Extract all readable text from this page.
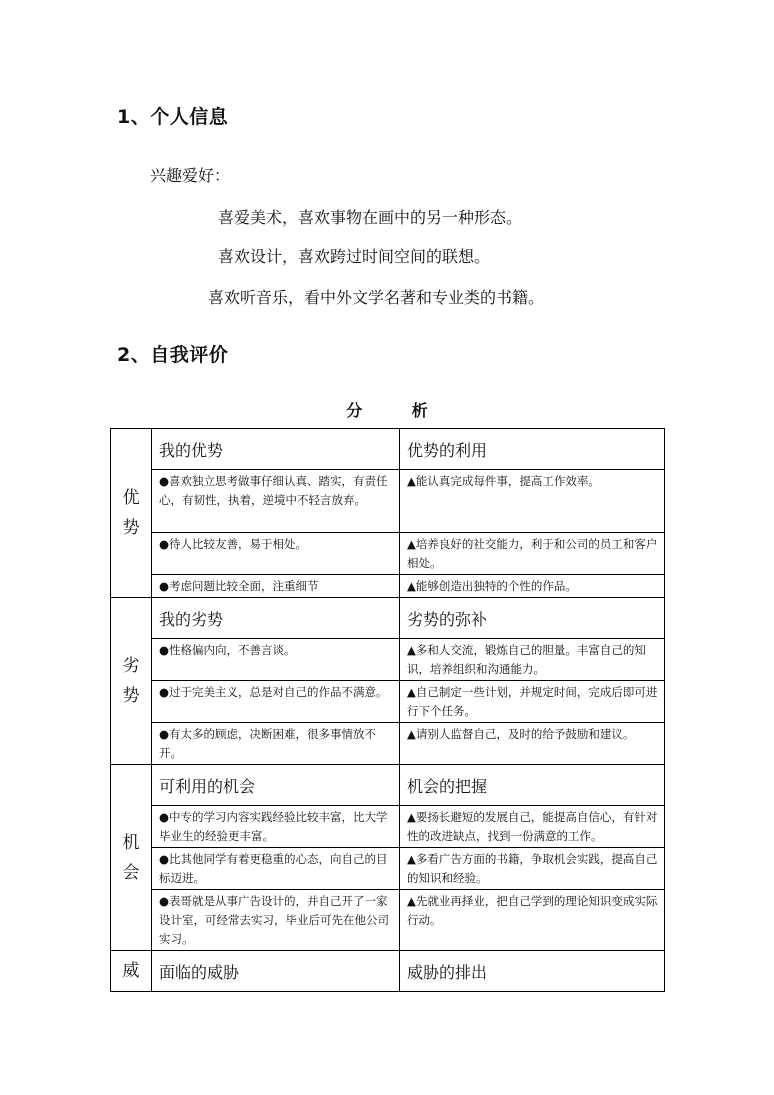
1、个人信息
兴趣爱好：
喜爱美术，喜欢事物在画中的另一种形态。
喜欢设计，喜欢跨过时间空间的联想。
喜欢听音乐，看中外文学名著和专业类的书籍。
2、自我评价
分 析
优
势	我的优势	优势的利用
	●喜欢独立思考做事仔细认真、踏实，有责任心，有韧性，执着，逆境中不轻言放弃。	▲能认真完成每件事，提高工作效率。
	●待人比较友善，易于相处。	▲培养良好的社交能力，利于和公司的员工和客户相处。
	●考虑问题比较全面，注重细节	▲能够创造出独特的个性的作品。

劣
势	我的劣势	劣势的弥补
	●性格偏内向，不善言谈。	▲多和人交流，锻炼自己的胆量。丰富自己的知识，培养组织和沟通能力。
	●过于完美主义，总是对自己的作品不满意。	▲自己制定一些计划，并规定时间，完成后即可进行下个任务。
	●有太多的顾虑，决断困难，很多事情放不开。	▲请别人监督自己，及时的给予鼓励和建议。

机
会	可利用的机会	机会的把握
	●中专的学习内容实践经验比较丰富，比大学毕业生的经验更丰富。	▲要扬长避短的发展自己，能提高自信心，有针对性的改进缺点，找到一份满意的工作。
	●比其他同学有着更稳重的心态，向自己的目标迈进。	▲多看广告方面的书籍，争取机会实践，提高自己的知识和经验。
	●表哥就是从事广告设计的，并自己开了一家设计室，可经常去实习，毕业后可先在他公司实习。	▲先就业再择业，把自己学到的理论知识变成实际行动。

威	面临的威胁	威胁的排出
